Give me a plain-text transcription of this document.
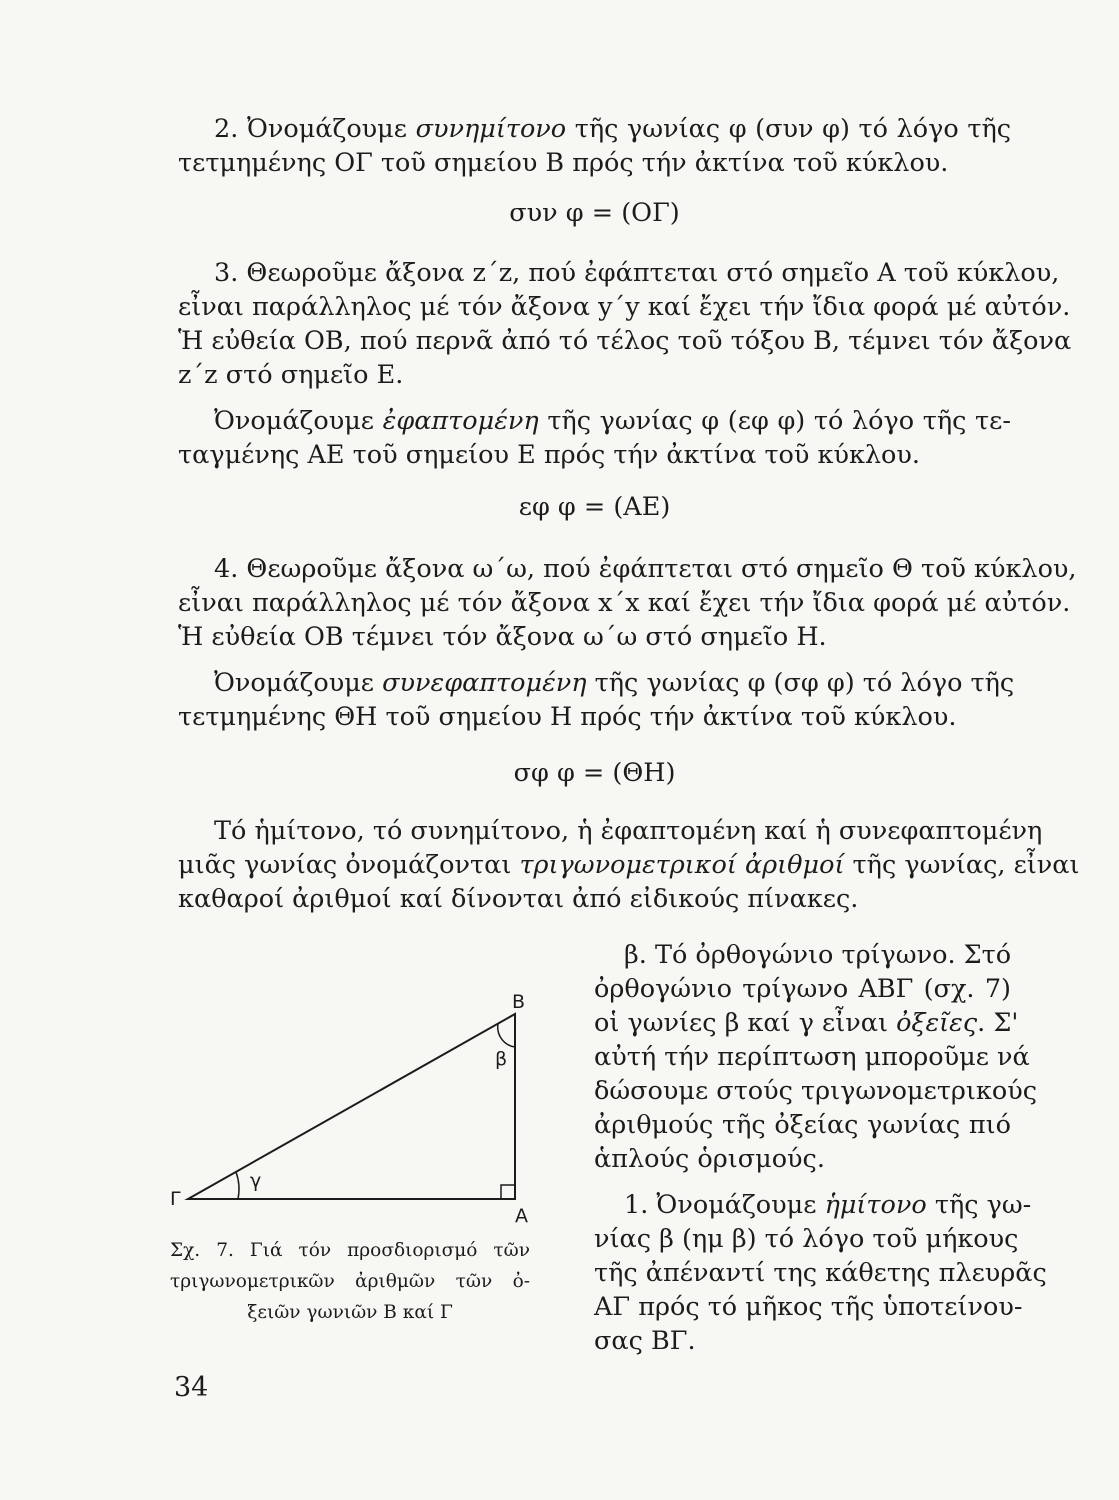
2. Ὀνομάζουμε συνημίτονο τῆς γωνίας φ (συν φ) τό λόγο τῆς
τετμημένης ΟΓ τοῦ σημείου Β πρός τήν ἀκτίνα τοῦ κύκλου.
συν φ = (ΟΓ)
3. Θεωροῦμε ἄξονα z΄z, πού ἐφάπτεται στό σημεῖο Α τοῦ κύκλου,
εἶναι παράλληλος μέ τόν ἄξονα y΄y καί ἔχει τήν ἴδια φορά μέ αὐτόν.
Ἡ εὐθεία ΟΒ, πού περνᾶ ἀπό τό τέλος τοῦ τόξου Β, τέμνει τόν ἄξονα
z΄z στό σημεῖο Ε.
Ὀνομάζουμε ἐφαπτομένη τῆς γωνίας φ (εφ φ) τό λόγο τῆς τε-
ταγμένης ΑΕ τοῦ σημείου Ε πρός τήν ἀκτίνα τοῦ κύκλου.
εφ φ = (ΑΕ)
4. Θεωροῦμε ἄξονα ω΄ω, πού ἐφάπτεται στό σημεῖο Θ τοῦ κύκλου,
εἶναι παράλληλος μέ τόν ἄξονα x΄x καί ἔχει τήν ἴδια φορά μέ αὐτόν.
Ἡ εὐθεία ΟΒ τέμνει τόν ἄξονα ω΄ω στό σημεῖο Η.
Ὀνομάζουμε συνεφαπτομένη τῆς γωνίας φ (σφ φ) τό λόγο τῆς
τετμημένης ΘΗ τοῦ σημείου Η πρός τήν ἀκτίνα τοῦ κύκλου.
σφ φ = (ΘΗ)
Τό ἡμίτονο, τό συνημίτονο, ἡ ἐφαπτομένη καί ἡ συνεφαπτομένη
μιᾶς γωνίας ὀνομάζονται τριγωνομετρικοί ἀριθμοί τῆς γωνίας, εἶναι
καθαροί ἀριθμοί καί δίνονται ἀπό εἰδικούς πίνακες.
β. Τό ὀρθογώνιο τρίγωνο. Στό
ὀρθογώνιο τρίγωνο ΑΒΓ (σχ. 7)
οἱ γωνίες β καί γ εἶναι ὀξεῖες. Σ'
αὐτή τήν περίπτωση μποροῦμε νά
δώσουμε στούς τριγωνομετρικούς
ἀριθμούς τῆς ὀξείας γωνίας πιό
ἁπλούς ὁρισμούς.
1. Ὀνομάζουμε ἡμίτονο τῆς γω-
νίας β (ημ β) τό λόγο τοῦ μήκους
τῆς ἀπέναντί της κάθετης πλευρᾶς
ΑΓ πρός τό μῆκος τῆς ὑποτείνου-
σας ΒΓ.
Β
Α
Γ
β
γ
Σχ. 7. Γιά τόν προσδιορισμό τῶν
τριγωνομετρικῶν ἀριθμῶν τῶν ὀ-
ξειῶν γωνιῶν Β καί Γ
34
